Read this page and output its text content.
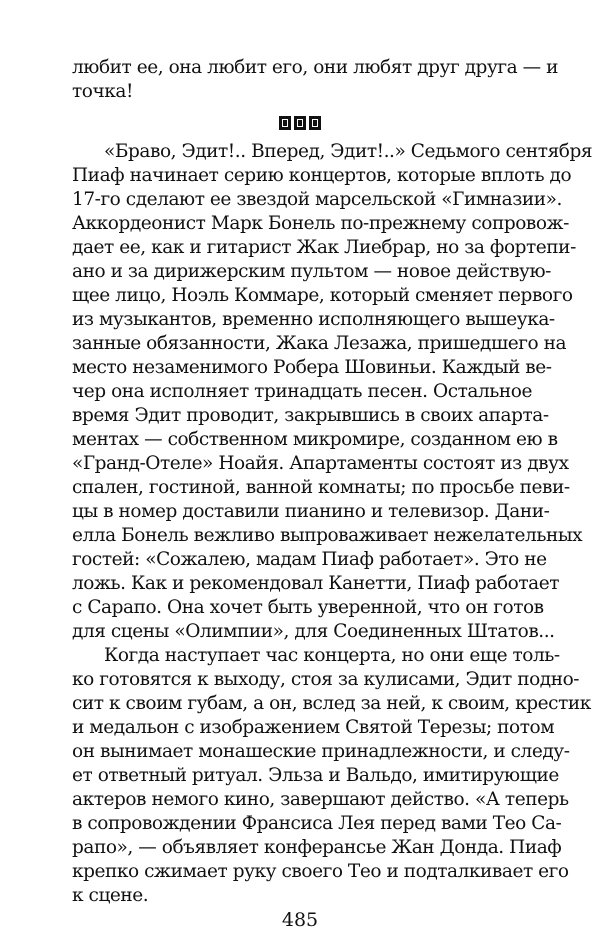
любит ее, она любит его, они любят друг друга — и
точка!
«Браво, Эдит!.. Вперед, Эдит!..» Седьмого сентября
Пиаф начинает серию концертов, которые вплоть до
17-го сделают ее звездой марсельской «Гимназии».
Аккордеонист Марк Бонель по-прежнему сопровож-
дает ее, как и гитарист Жак Лиебрар, но за фортепи-
ано и за дирижерским пультом — новое действую-
щее лицо, Ноэль Коммаре, который сменяет первого
из музыкантов, временно исполняющего вышеука-
занные обязанности, Жака Лезажа, пришедшего на
место незаменимого Робера Шовиньи. Каждый ве-
чер она исполняет тринадцать песен. Остальное
время Эдит проводит, закрывшись в своих апарта-
ментах — собственном микромире, созданном ею в
«Гранд-Отеле» Ноайя. Апартаменты состоят из двух
спален, гостиной, ванной комнаты; по просьбе певи-
цы в номер доставили пианино и телевизор. Дани-
елла Бонель вежливо выпроваживает нежелательных
гостей: «Сожалею, мадам Пиаф работает». Это не
ложь. Как и рекомендовал Канетти, Пиаф работает
с Сарапо. Она хочет быть уверенной, что он готов
для сцены «Олимпии», для Соединенных Штатов...
Когда наступает час концерта, но они еще толь-
ко готовятся к выходу, стоя за кулисами, Эдит подно-
сит к своим губам, а он, вслед за ней, к своим, крестик
и медальон с изображением Святой Терезы; потом
он вынимает монашеские принадлежности, и следу-
ет ответный ритуал. Эльза и Вальдо, имитирующие
актеров немого кино, завершают действо. «А теперь
в сопровождении Франсиса Лея перед вами Тео Са-
рапо», — объявляет конферансье Жан Донда. Пиаф
крепко сжимает руку своего Тео и подталкивает его
к сцене.
485
